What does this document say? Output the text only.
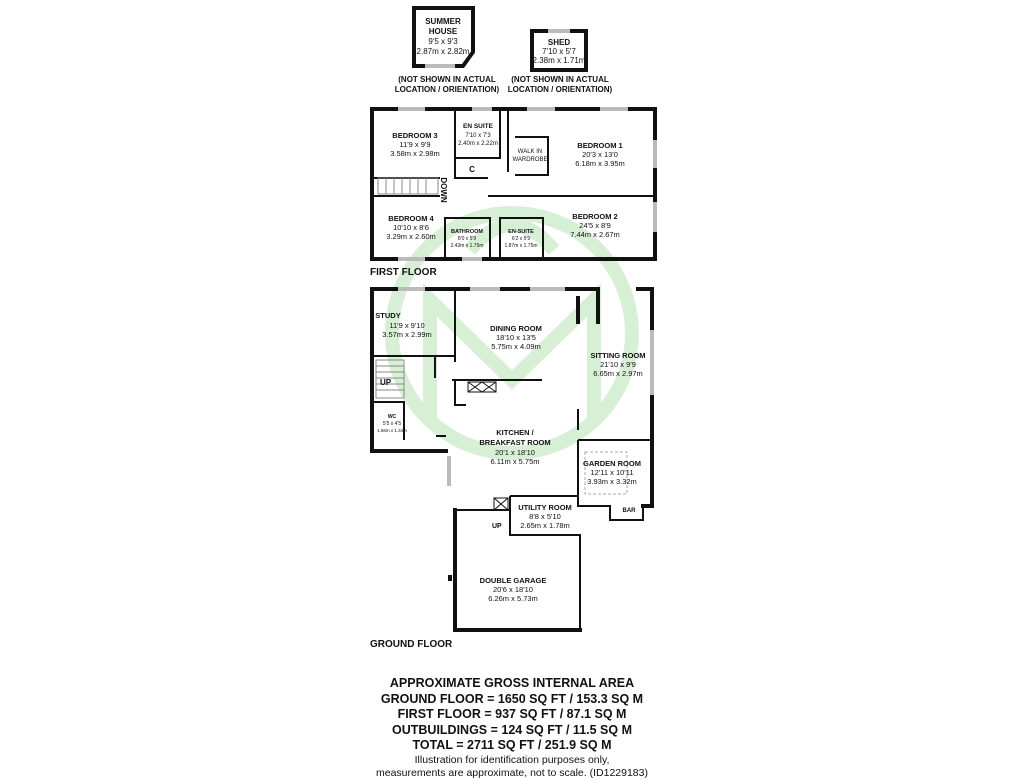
SUMMER
HOUSE
9'5 x 9'3
2.87m x 2.82m
SHED
7'10 x 5'7
2.38m x 1.71m
(NOT SHOWN IN ACTUAL
LOCATION / ORIENTATION)
(NOT SHOWN IN ACTUAL
LOCATION / ORIENTATION)
DOWN
C
BEDROOM 3
11'9 x 9'9
3.58m x 2.98m
EN SUITE
7'10 x 7'3
2.40m x 2.22m
WALK IN
WARDROBE
BEDROOM 1
20'3 x 13'0
6.18m x 3.95m
BEDROOM 4
10'10 x 8'6
3.29m x 2.60m	BATHROOM
8'0 x 5'9
2.43m x 1.75m
EN-SUITE
6'2 x 5'9
1.87m x 1.75m
BEDROOM 2
24'5 x 8'9
7.44m x 2.67m
FIRST FLOOR
UP
BAR
UP
STUDY
11'9 x 9'10
3.57m x 2.99m
DINING ROOM
18'10 x 13'5
5.75m x 4.09m
SITTING ROOM
21'10 x 9'9
6.65m x 2.97m
WC
5'5 x 4'5
1.66m x 1.34m	KITCHEN /
BREAKFAST ROOM
20'1 x 18'10
6.11m x 5.75m	GARDEN ROOM
12'11 x 10'11
3.93m x 3.32m
UTILITY ROOM
8'8 x 5'10
2.65m x 1.78m
DOUBLE GARAGE
20'6 x 18'10
6.26m x 5.73m
GROUND FLOOR
APPROXIMATE GROSS INTERNAL AREA
GROUND FLOOR = 1650 SQ FT / 153.3 SQ M
FIRST FLOOR = 937 SQ FT / 87.1 SQ M
OUTBUILDINGS = 124 SQ FT / 11.5 SQ M
TOTAL = 2711 SQ FT / 251.9 SQ M
Illustration for identification purposes only,
measurements are approximate, not to scale. (ID1229183)
